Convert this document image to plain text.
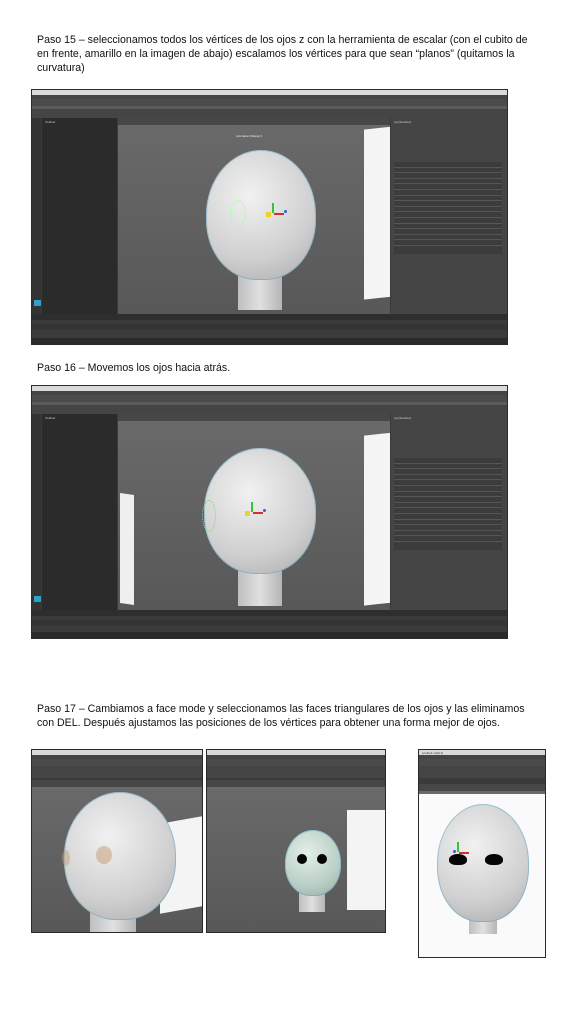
Paso 15 – seleccionamos todos los vértices de los ojos z con la herramienta de escalar (con el cubito de en frente, amarillo en la imagen de abajo) escalamos los vértices para que sean “planos” (quitamos la curvatura)

Outliner
Animation (Maya) 3
polySurface1

Paso 16 – Movemos los ojos hacia atrás.

Outliner	polySurface1

Paso 17 – Cambiamos a face mode y seleccionamos las faces triangulares de los ojos y las eliminamos con DEL. Después ajustamos las posiciones de los vértices para obtener una forma mejor de ojos.

pCube1.vtx[0:1]
